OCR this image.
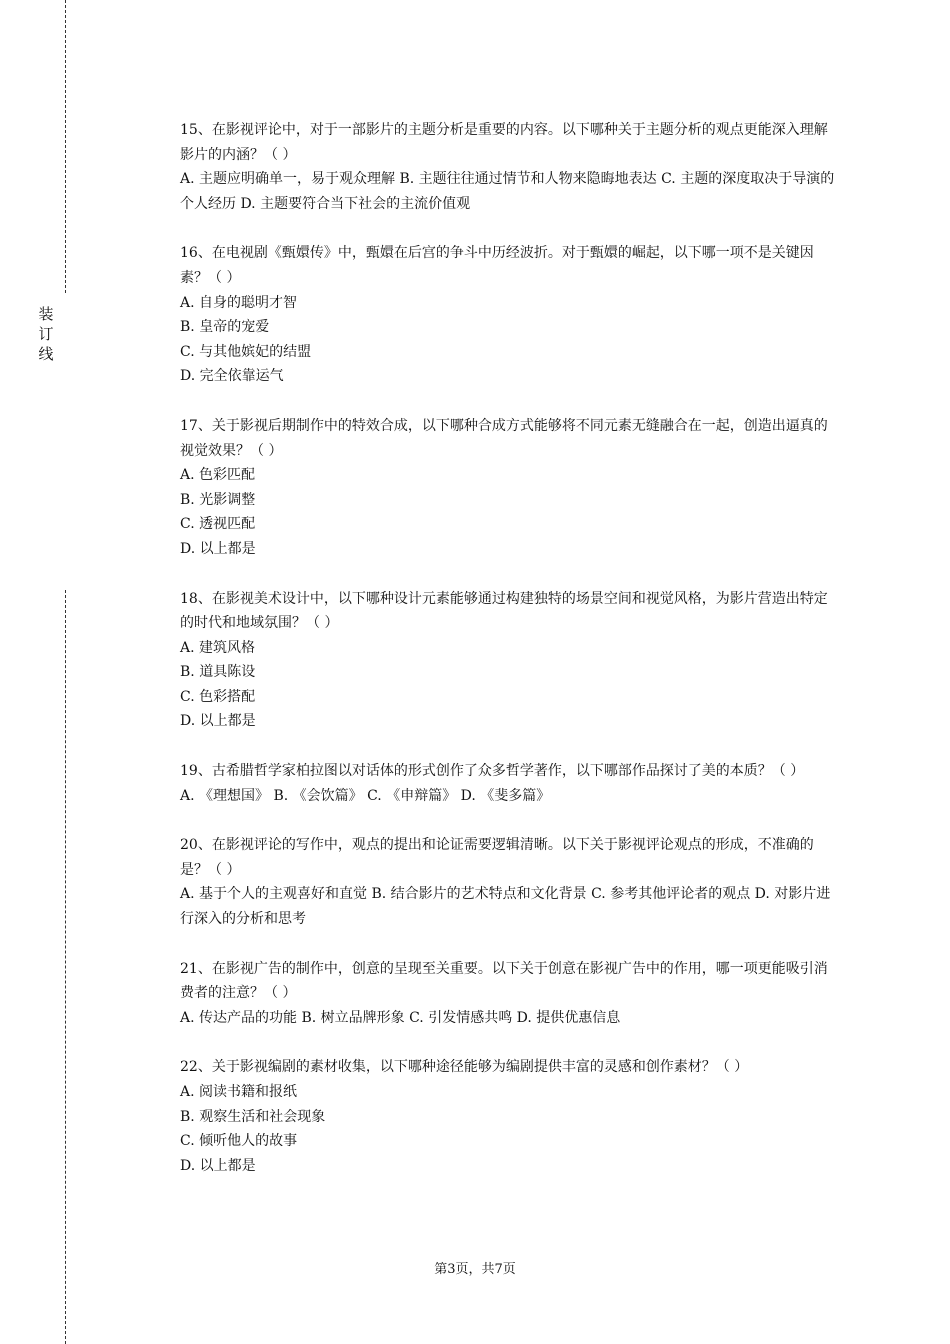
装
订
线
15、在影视评论中，对于一部影片的主题分析是重要的内容。以下哪种关于主题分析的观点更能深入理解影片的内涵？（ ）
A. 主题应明确单一，易于观众理解 B. 主题往往通过情节和人物来隐晦地表达 C. 主题的深度取决于导演的个人经历 D. 主题要符合当下社会的主流价值观
16、在电视剧《甄嬛传》中，甄嬛在后宫的争斗中历经波折。对于甄嬛的崛起，以下哪一项不是关键因素？（ ）
A. 自身的聪明才智
B. 皇帝的宠爱
C. 与其他嫔妃的结盟
D. 完全依靠运气
17、关于影视后期制作中的特效合成，以下哪种合成方式能够将不同元素无缝融合在一起，创造出逼真的视觉效果？（ ）
A. 色彩匹配
B. 光影调整
C. 透视匹配
D. 以上都是
18、在影视美术设计中，以下哪种设计元素能够通过构建独特的场景空间和视觉风格，为影片营造出特定的时代和地域氛围？（ ）
A. 建筑风格
B. 道具陈设
C. 色彩搭配
D. 以上都是
19、古希腊哲学家柏拉图以对话体的形式创作了众多哲学著作，以下哪部作品探讨了美的本质？（ ）
A. 《理想国》 B. 《会饮篇》 C. 《申辩篇》 D. 《斐多篇》
20、在影视评论的写作中，观点的提出和论证需要逻辑清晰。以下关于影视评论观点的形成，不准确的是？（ ）
A. 基于个人的主观喜好和直觉 B. 结合影片的艺术特点和文化背景 C. 参考其他评论者的观点 D. 对影片进行深入的分析和思考
21、在影视广告的制作中，创意的呈现至关重要。以下关于创意在影视广告中的作用，哪一项更能吸引消费者的注意？（ ）
A. 传达产品的功能 B. 树立品牌形象 C. 引发情感共鸣 D. 提供优惠信息
22、关于影视编剧的素材收集，以下哪种途径能够为编剧提供丰富的灵感和创作素材？（ ）
A. 阅读书籍和报纸
B. 观察生活和社会现象
C. 倾听他人的故事
D. 以上都是
第3页，共7页
